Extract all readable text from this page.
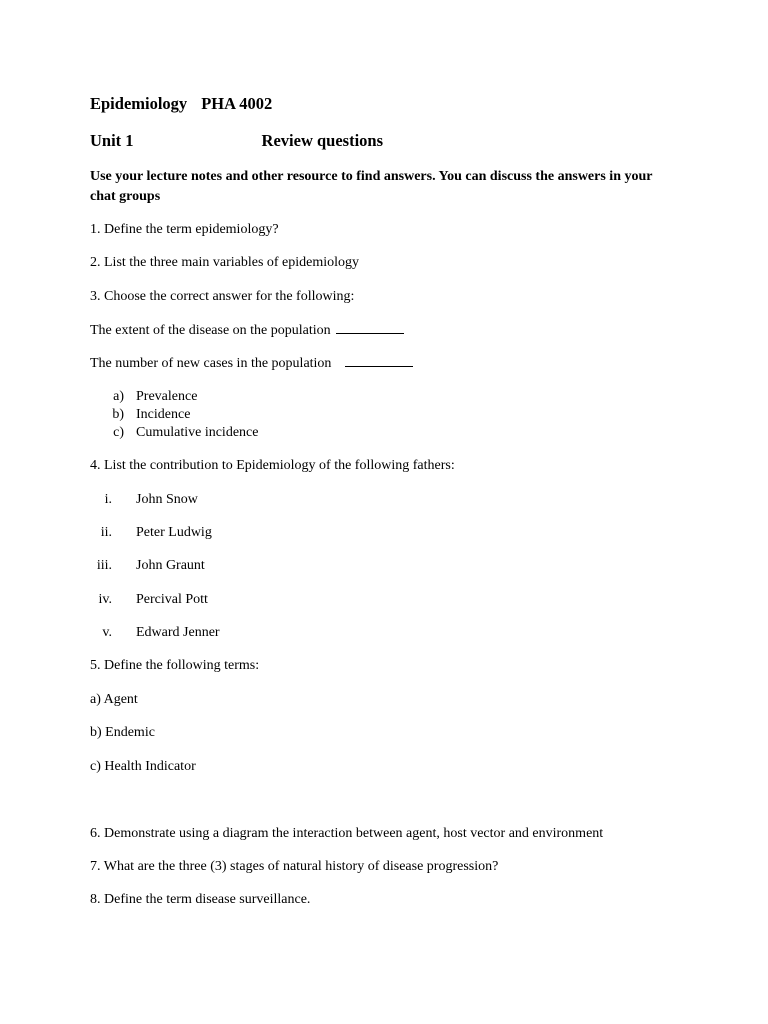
Epidemiology PHA 4002
Unit 1	Review questions
Use your lecture notes and other resource to find answers. You can discuss the answers in your chat groups
1. Define the term epidemiology?
2. List the three main variables of epidemiology
3. Choose the correct answer for the following:
The extent of the disease on the population
The number of new cases in the population
a) Prevalence
b) Incidence
c) Cumulative incidence
4. List the contribution to Epidemiology of the following fathers:
i. John Snow
ii. Peter Ludwig
iii. John Graunt
iv. Percival Pott
v. Edward Jenner
5. Define the following terms:
a) Agent
b) Endemic
c) Health Indicator
6. Demonstrate using a diagram the interaction between agent, host vector and environment
7. What are the three (3) stages of natural history of disease progression?
8. Define the term disease surveillance.
